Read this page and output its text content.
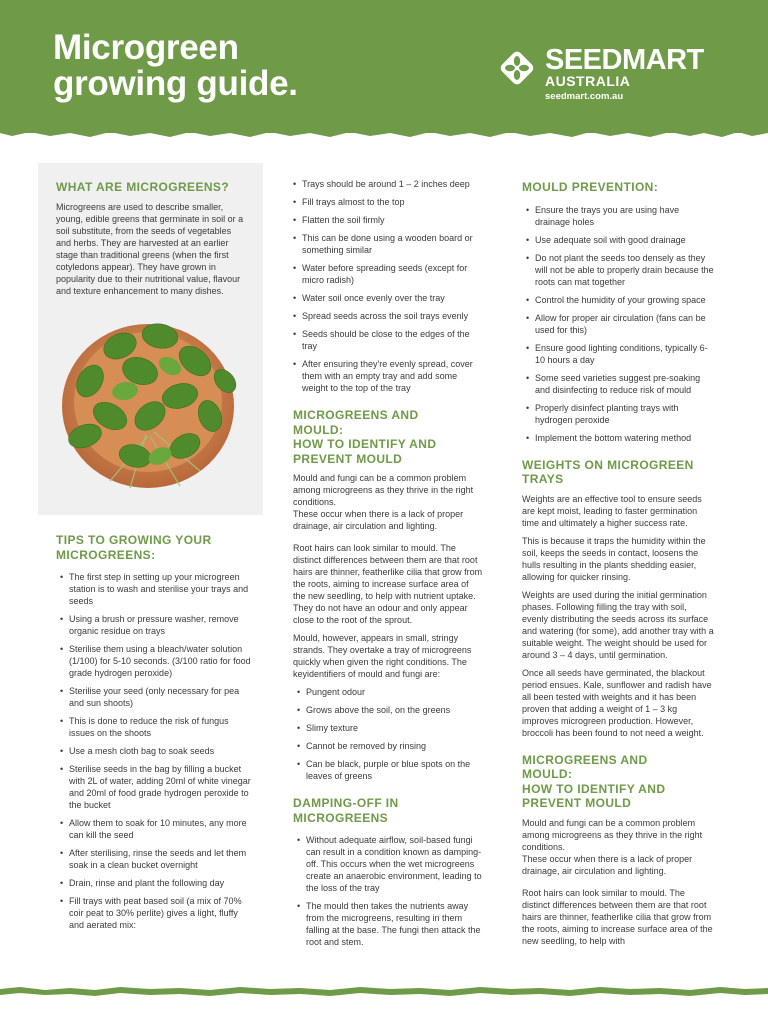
Microgreen
growing guide.
SEEDMART
AUSTRALIA
seedmart.com.au
WHAT ARE MICROGREENS?
Microgreens are used to describe smaller, young, edible greens that germinate in soil or a soil substitute, from the seeds of vegetables and herbs. They are harvested at an earlier stage than traditional greens (when the first cotyledons appear). They have grown in popularity due to their nutritional value, flavour and texture enhancement to many dishes.
TIPS TO GROWING YOUR MICROGREENS:
• The first step in setting up your microgreen station is to wash and sterilise your trays and seeds
• Using a brush or pressure washer, remove organic residue on trays
• Sterilise them using a bleach/water solution (1/100) for 5-10 seconds. (3/100 ratio for food grade hydrogen peroxide)
• Sterilise your seed (only necessary for pea and sun shoots)
• This is done to reduce the risk of fungus issues on the shoots
• Use a mesh cloth bag to soak seeds
• Sterilise seeds in the bag by filling a bucket with 2L of water, adding 20ml of white vinegar and 20ml of food grade hydrogen peroxide to the bucket
• Allow them to soak for 10 minutes, any more can kill the seed
• After sterilising, rinse the seeds and let them soak in a clean bucket overnight
• Drain, rinse and plant the following day
• Fill trays with peat based soil (a mix of 70% coir peat to 30% perlite) gives a light, fluffy and aerated mix:
• Trays should be around 1 – 2 inches deep
• Fill trays almost to the top
• Flatten the soil firmly
• This can be done using a wooden board or something similar
• Water before spreading seeds (except for micro radish)
• Water soil once evenly over the tray
• Spread seeds across the soil trays evenly
• Seeds should be close to the edges of the tray
• After ensuring they're evenly spread, cover them with an empty tray and add some weight to the top of the tray
MICROGREENS AND MOULD:
HOW TO IDENTIFY AND PREVENT MOULD
Mould and fungi can be a common problem among microgreens as they thrive in the right conditions.
These occur when there is a lack of proper drainage, air circulation and lighting.
Root hairs can look similar to mould. The distinct differences between them are that root hairs are thinner, featherlike cilia that grow from the roots, aiming to increase surface area of the new seedling, to help with nutrient uptake. They do not have an odour and only appear close to the root of the sprout.
Mould, however, appears in small, stringy strands. They overtake a tray of microgreens quickly when given the right conditions. The keyidentifiers of mould and fungi are:
• Pungent odour
• Grows above the soil, on the greens
• Slimy texture
• Cannot be removed by rinsing
• Can be black, purple or blue spots on the leaves of greens
DAMPING-OFF IN MICROGREENS
• Without adequate airflow, soil-based fungi can result in a condition known as damping-off. This occurs when the wet microgreens create an anaerobic environment, leading to the loss of the tray
• The mould then takes the nutrients away from the microgreens, resulting in them falling at the base. The fungi then attack the root and stem.
MOULD PREVENTION:
• Ensure the trays you are using have drainage holes
• Use adequate soil with good drainage
• Do not plant the seeds too densely as they will not be able to properly drain because the roots can mat together
• Control the humidity of your growing space
• Allow for proper air circulation (fans can be used for this)
• Ensure good lighting conditions, typically 6-10 hours a day
• Some seed varieties suggest pre-soaking and disinfecting to reduce risk of mould
• Properly disinfect planting trays with hydrogen peroxide
• Implement the bottom watering method
WEIGHTS ON MICROGREEN TRAYS
Weights are an effective tool to ensure seeds are kept moist, leading to faster germination time and ultimately a higher success rate.
This is because it traps the humidity within the soil, keeps the seeds in contact, loosens the hulls resulting in the plants shedding easier, allowing for quicker rinsing.
Weights are used during the initial germination phases. Following filling the tray with soil, evenly distributing the seeds across its surface and watering (for some), add another tray with a suitable weight. The weight should be used for around 3 – 4 days, until germination.
Once all seeds have germinated, the blackout period ensues. Kale, sunflower and radish have all been tested with weights and it has been proven that adding a weight of 1 – 3 kg improves microgreen production. However, broccoli has been found to not need a weight.
MICROGREENS AND MOULD:
HOW TO IDENTIFY AND PREVENT MOULD
Mould and fungi can be a common problem among microgreens as they thrive in the right conditions.
These occur when there is a lack of proper drainage, air circulation and lighting.
Root hairs can look similar to mould. The distinct differences between them are that root hairs are thinner, featherlike cilia that grow from the roots, aiming to increase surface area of the new seedling, to help with
